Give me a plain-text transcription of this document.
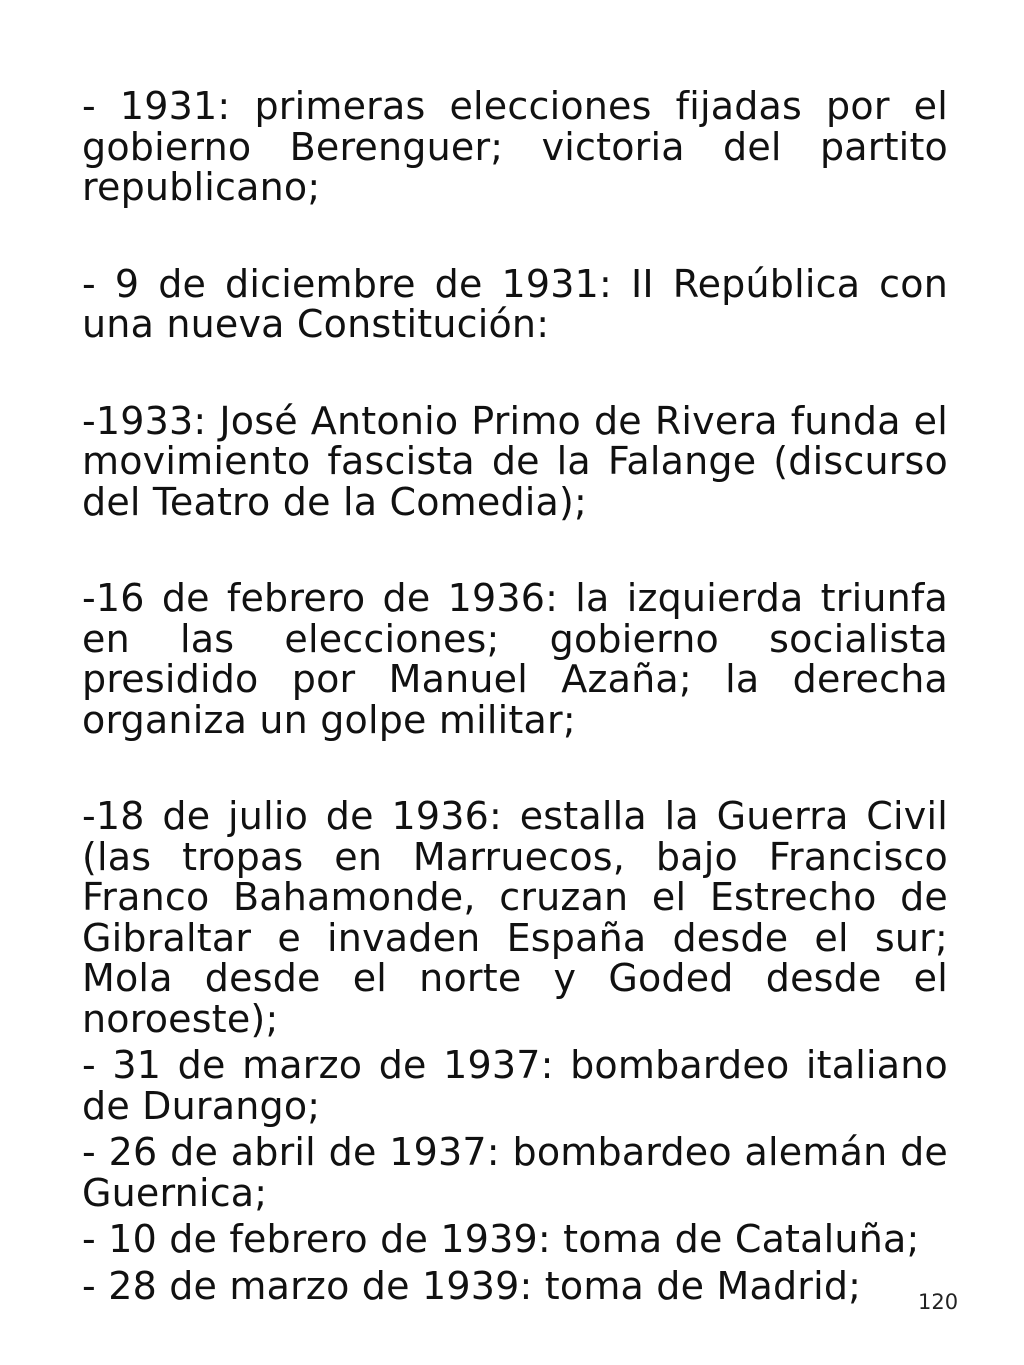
- 1931: primeras elecciones fijadas por el gobierno Berenguer; victoria del partito republicano;

- 9 de diciembre de 1931: II República con una nueva Constitución:

-1933: José Antonio Primo de Rivera funda el movimiento fascista de la Falange (discurso del Teatro de la Comedia);

-16 de febrero de 1936: la izquierda triunfa en las elecciones; gobierno socialista presidido por Manuel Azaña; la derecha organiza un golpe militar;

-18 de julio de 1936: estalla la Guerra Civil (las tropas en Marruecos, bajo Francisco Franco Bahamonde, cruzan el Estrecho de Gibraltar e invaden España desde el sur; Mola desde el norte y Goded desde el noroeste);

- 31 de marzo de 1937: bombardeo italiano de Durango;

- 26 de abril de 1937: bombardeo alemán de Guernica;

- 10 de febrero de 1939: toma de Cataluña;

- 28 de marzo de 1939: toma de Madrid;	120
